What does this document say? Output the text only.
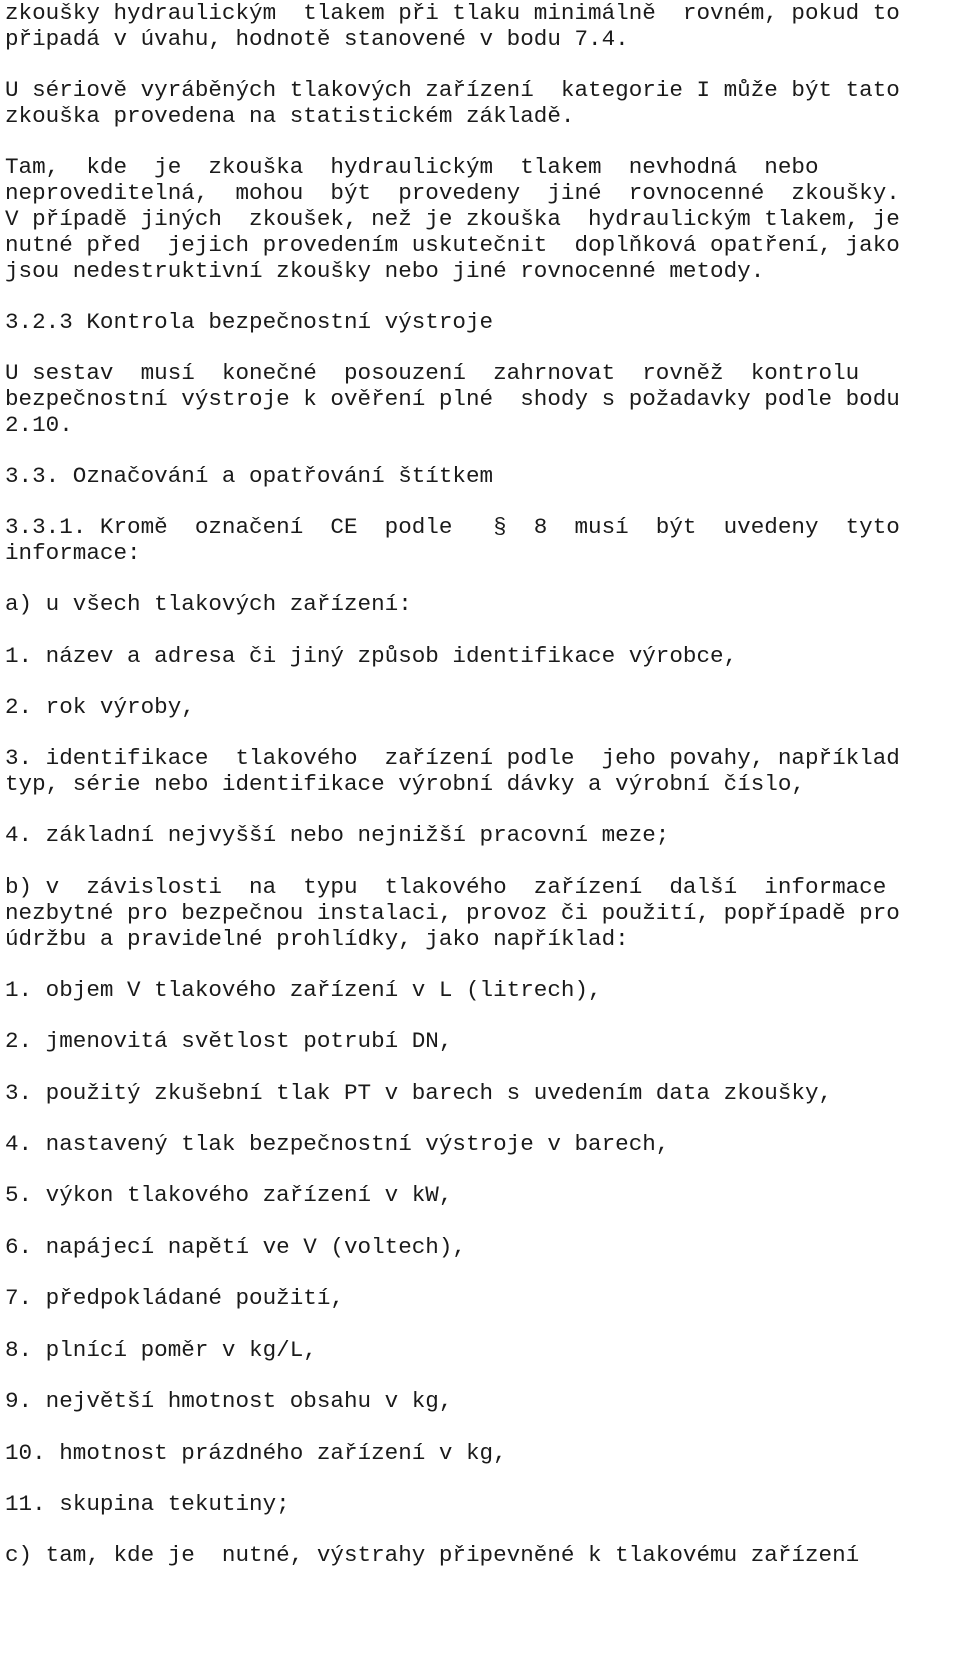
zkoušky hydraulickým  tlakem při tlaku minimálně  rovném, pokud to
připadá v úvahu, hodnotě stanovené v bodu 7.4.
U sériově vyráběných tlakových zařízení  kategorie I může být tato
zkouška provedena na statistickém základě.
Tam,  kde  je  zkouška  hydraulickým  tlakem  nevhodná  nebo
neproveditelná,  mohou  být  provedeny  jiné  rovnocenné  zkoušky.
V případě jiných  zkoušek, než je zkouška  hydraulickým tlakem, je
nutné před  jejich provedením uskutečnit  doplňková opatření, jako
jsou nedestruktivní zkoušky nebo jiné rovnocenné metody.
3.2.3 Kontrola bezpečnostní výstroje
U sestav  musí  konečné  posouzení  zahrnovat  rovněž  kontrolu
bezpečnostní výstroje k ověření plné  shody s požadavky podle bodu
2.10.
3.3. Označování a opatřování štítkem
3.3.1. Kromě  označení  CE  podle   §  8  musí  být  uvedeny  tyto
informace:
a) u všech tlakových zařízení:
1. název a adresa či jiný způsob identifikace výrobce,
2. rok výroby,
3. identifikace  tlakového  zařízení podle  jeho povahy, například
typ, série nebo identifikace výrobní dávky a výrobní číslo,
4. základní nejvyšší nebo nejnižší pracovní meze;
b) v  závislosti  na  typu  tlakového  zařízení  další  informace
nezbytné pro bezpečnou instalaci, provoz či použití, popřípadě pro
údržbu a pravidelné prohlídky, jako například:
1. objem V tlakového zařízení v L (litrech),
2. jmenovitá světlost potrubí DN,
3. použitý zkušební tlak PT v barech s uvedením data zkoušky,
4. nastavený tlak bezpečnostní výstroje v barech,
5. výkon tlakového zařízení v kW,
6. napájecí napětí ve V (voltech),
7. předpokládané použití,
8. plnící poměr v kg/L,
9. největší hmotnost obsahu v kg,
10. hmotnost prázdného zařízení v kg,
11. skupina tekutiny;
c) tam, kde je  nutné, výstrahy připevněné k tlakovému zařízení
